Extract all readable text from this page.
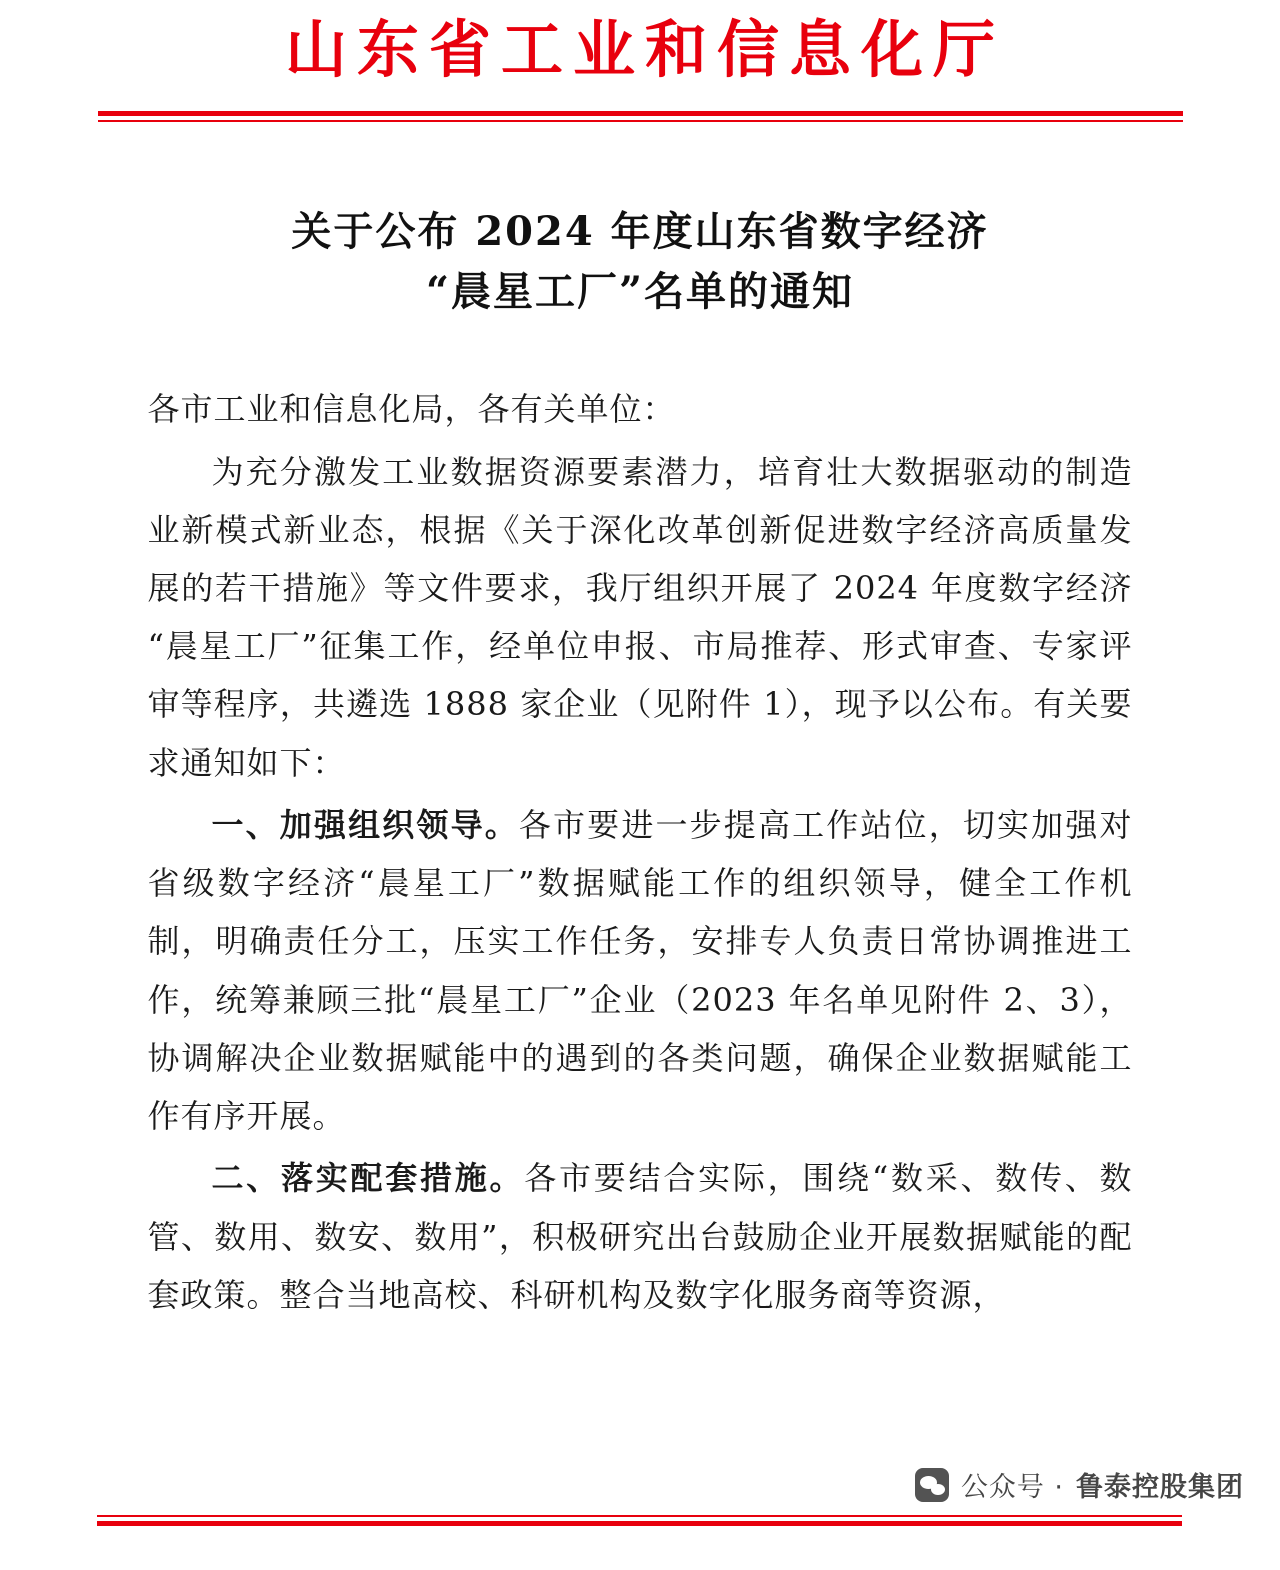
山东省工业和信息化厅
关于公布 2024 年度山东省数字经济
“晨星工厂”名单的通知

各市工业和信息化局，各有关单位：

为充分激发工业数据资源要素潜力，培育壮大数据驱动的制造业新模式新业态，根据《关于深化改革创新促进数字经济高质量发展的若干措施》等文件要求，我厅组织开展了 2024 年度数字经济“晨星工厂”征集工作，经单位申报、市局推荐、形式审查、专家评审等程序，共遴选 1888 家企业（见附件 1），现予以公布。有关要求通知如下：

一、加强组织领导。各市要进一步提高工作站位，切实加强对省级数字经济“晨星工厂”数据赋能工作的组织领导，健全工作机制，明确责任分工，压实工作任务，安排专人负责日常协调推进工作，统筹兼顾三批“晨星工厂”企业（2023 年名单见附件 2、3），协调解决企业数据赋能中的遇到的各类问题，确保企业数据赋能工作有序开展。

二、落实配套措施。各市要结合实际，围绕“数采、数传、数管、数用、数安、数用”，积极研究出台鼓励企业开展数据赋能的配套政策。整合当地高校、科研机构及数字化服务商等资源，

公众号 · 鲁泰控股集团
